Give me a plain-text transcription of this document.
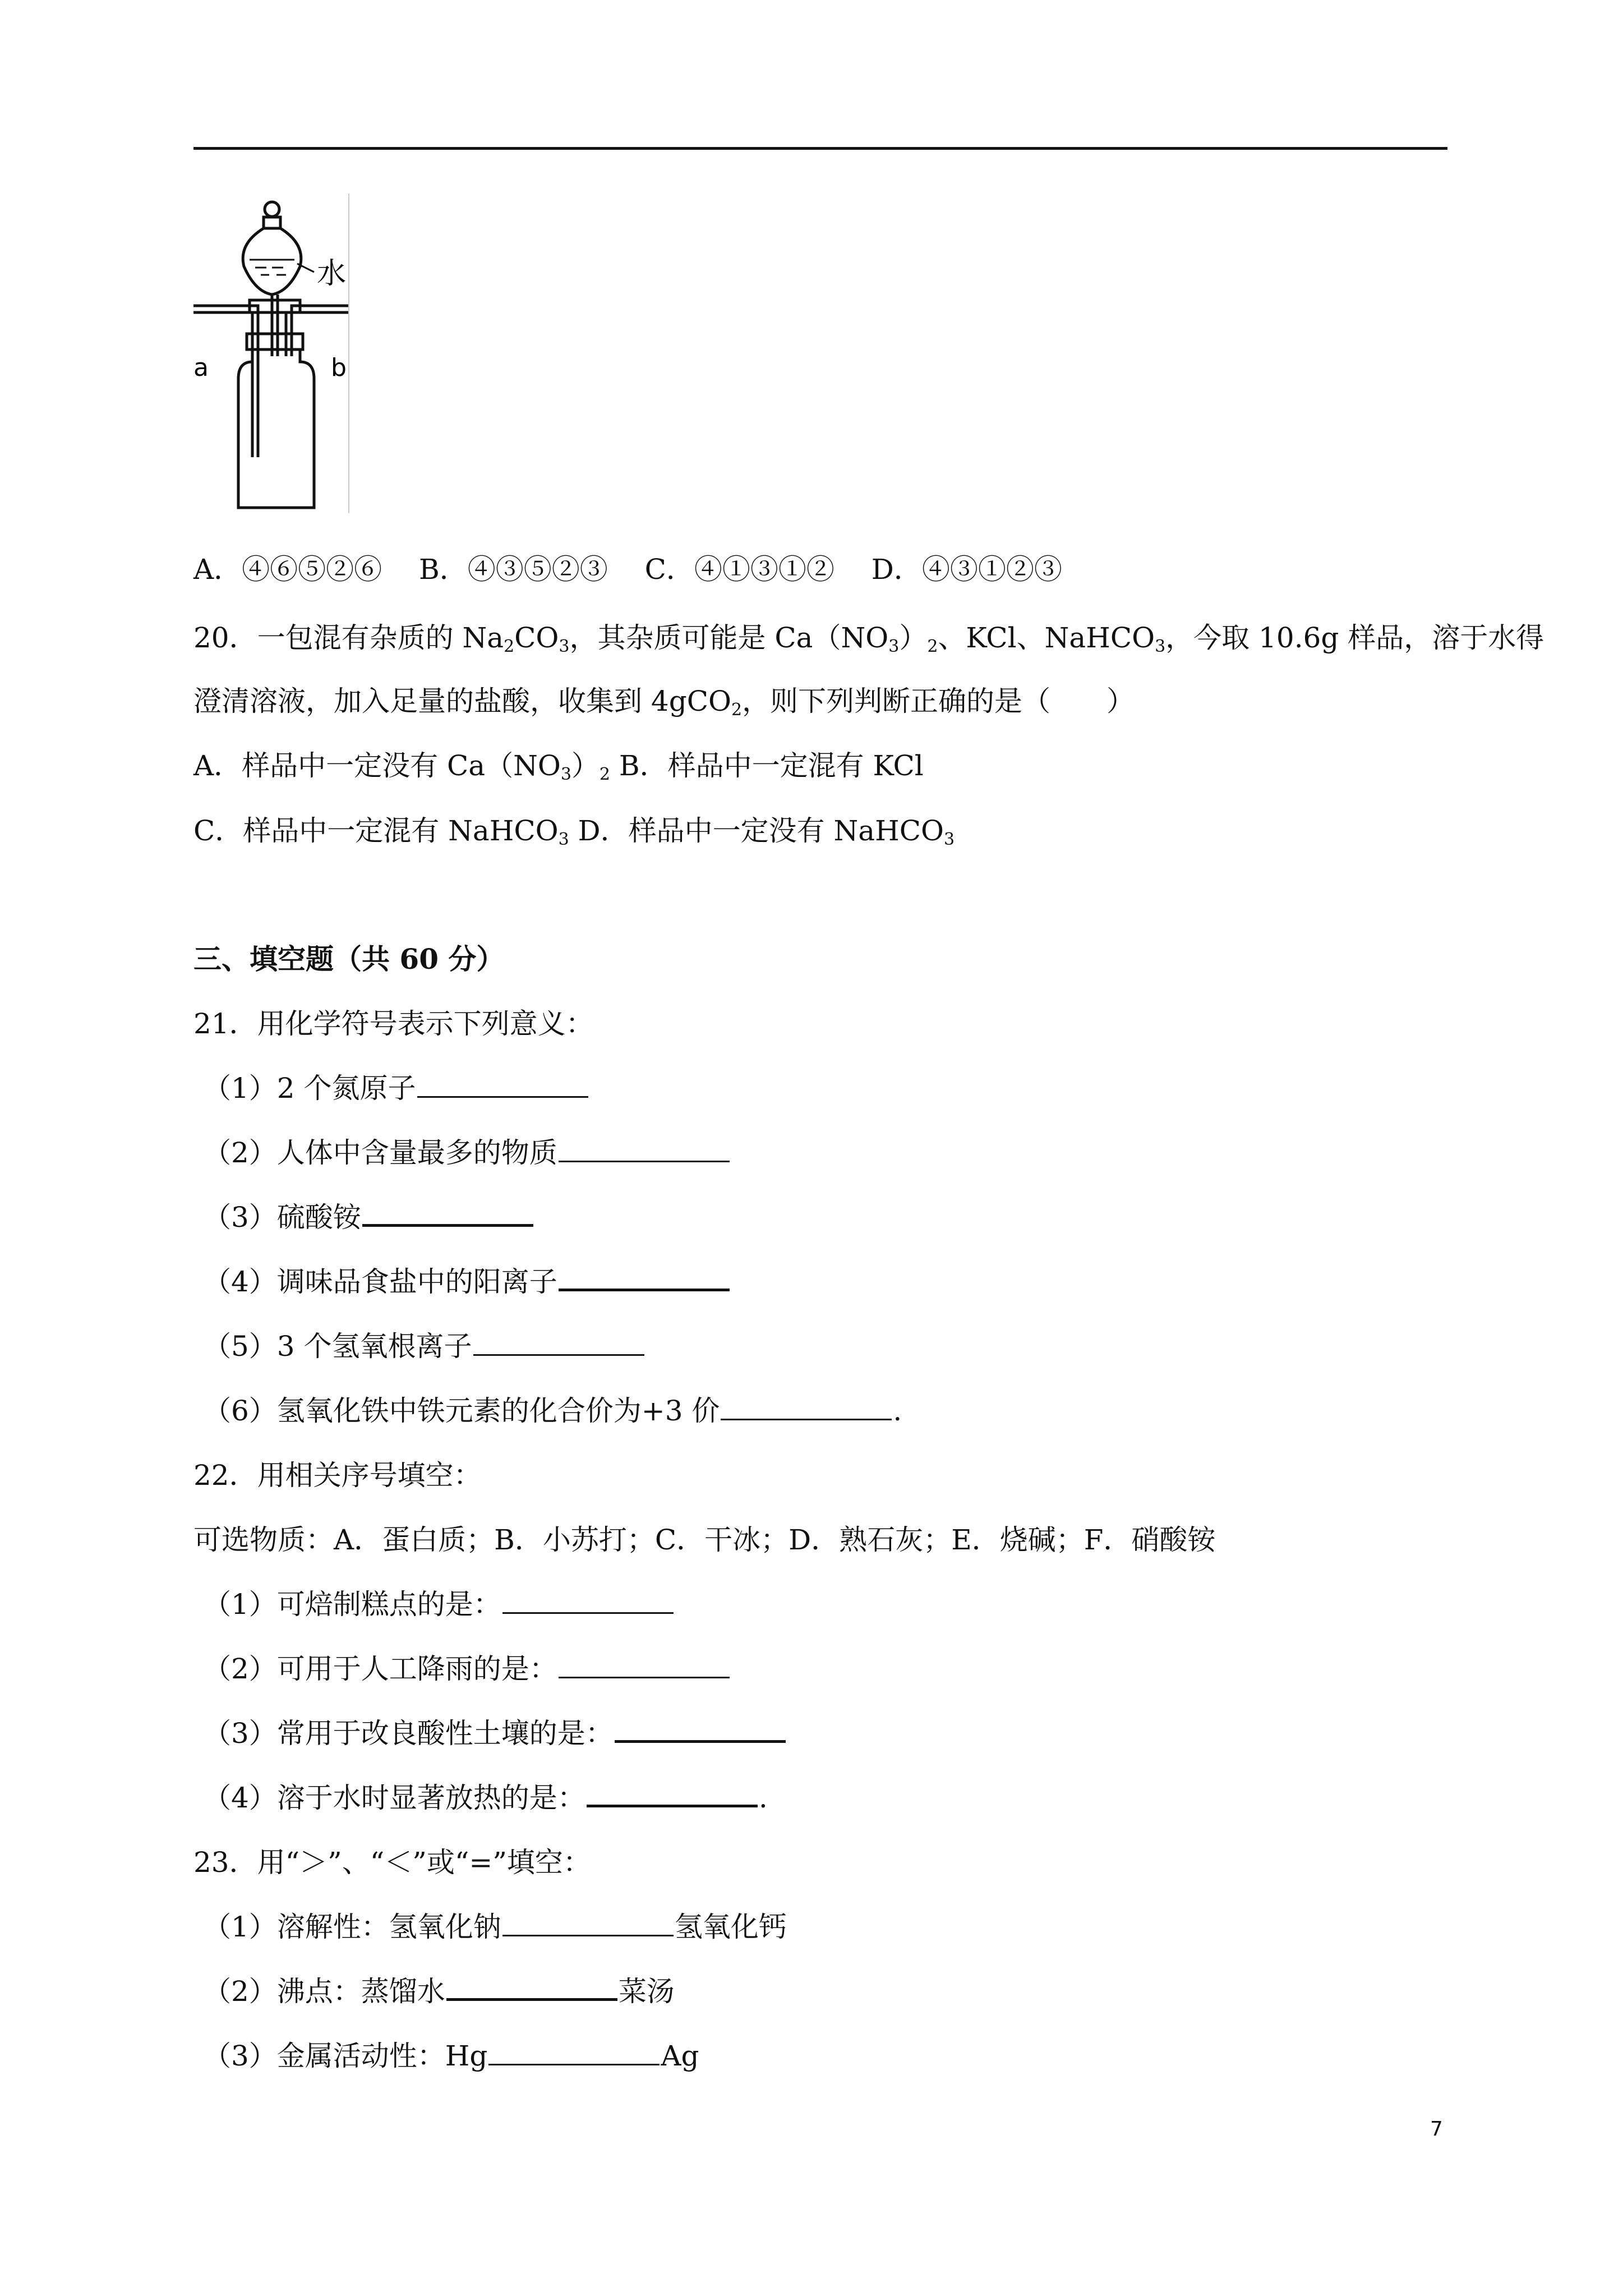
水
a	b
A．④⑥⑤②⑥　 B．④③⑤②③　 C．④①③①②　 D．④③①②③
20．一包混有杂质的 $Na_2CO_3$，其杂质可能是 $Ca(NO_3)_2$、KCl、NaHCO$_3$，今取 10.6g 样品，溶于水得
澄清溶液，加入足量的盐酸，收集到 4gCO$_2$，则下列判断正确的是（　　）
A．样品中一定没有 $Ca(NO_3)_2$ B．样品中一定混有 KCl
C．样品中一定混有 NaHCO$_3$ D．样品中一定没有 NaHCO$_3$
三、填空题（共 60 分）
21．用化学符号表示下列意义：
（1）2 个氮原子
（2）人体中含量最多的物质
（3）硫酸铵
（4）调味品食盐中的阳离子
（5）3 个氢氧根离子
（6）氢氧化铁中铁元素的化合价为+3 价	.
22．用相关序号填空：
可选物质：A．蛋白质；B．小苏打；C．干冰；D．熟石灰；E．烧碱；F．硝酸铵
（1）可焙制糕点的是：
（2）可用于人工降雨的是：
（3）常用于改良酸性土壤的是：
（4）溶于水时显著放热的是：	.
23．用“＞”、“＜”或“=”填空：
（1）溶解性：氢氧化钠	氢氧化钙
（2）沸点：蒸馏水	菜汤
（3）金属活动性：Hg	Ag
7
